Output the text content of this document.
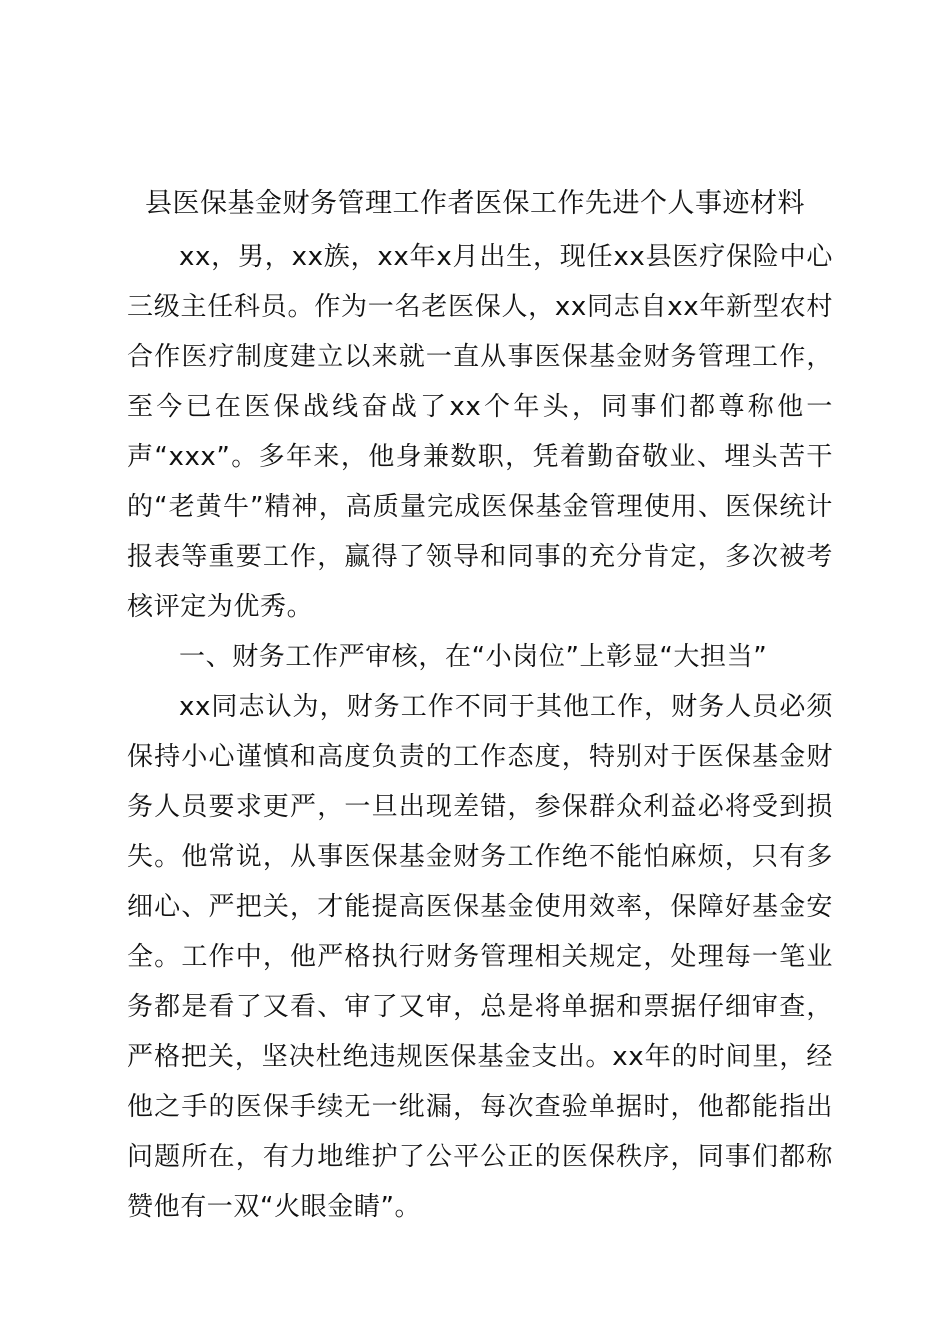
县医保基金财务管理工作者医保工作先进个人事迹材料

xx，男，xx族，xx年x月出生，现任xx县医疗保险中心三级主任科员。作为一名老医保人，xx同志自xx年新型农村合作医疗制度建立以来就一直从事医保基金财务管理工作，至今已在医保战线奋战了xx个年头，同事们都尊称他一声“xxx”。多年来，他身兼数职，凭着勤奋敬业、埋头苦干的“老黄牛”精神，高质量完成医保基金管理使用、医保统计报表等重要工作，赢得了领导和同事的充分肯定，多次被考核评定为优秀。

一、财务工作严审核，在“小岗位”上彰显“大担当”

xx同志认为，财务工作不同于其他工作，财务人员必须保持小心谨慎和高度负责的工作态度，特别对于医保基金财务人员要求更严，一旦出现差错，参保群众利益必将受到损失。他常说，从事医保基金财务工作绝不能怕麻烦，只有多细心、严把关，才能提高医保基金使用效率，保障好基金安全。工作中，他严格执行财务管理相关规定，处理每一笔业务都是看了又看、审了又审，总是将单据和票据仔细审查，严格把关，坚决杜绝违规医保基金支出。xx年的时间里，经他之手的医保手续无一纰漏，每次查验单据时，他都能指出问题所在，有力地维护了公平公正的医保秩序，同事们都称赞他有一双“火眼金睛”。
